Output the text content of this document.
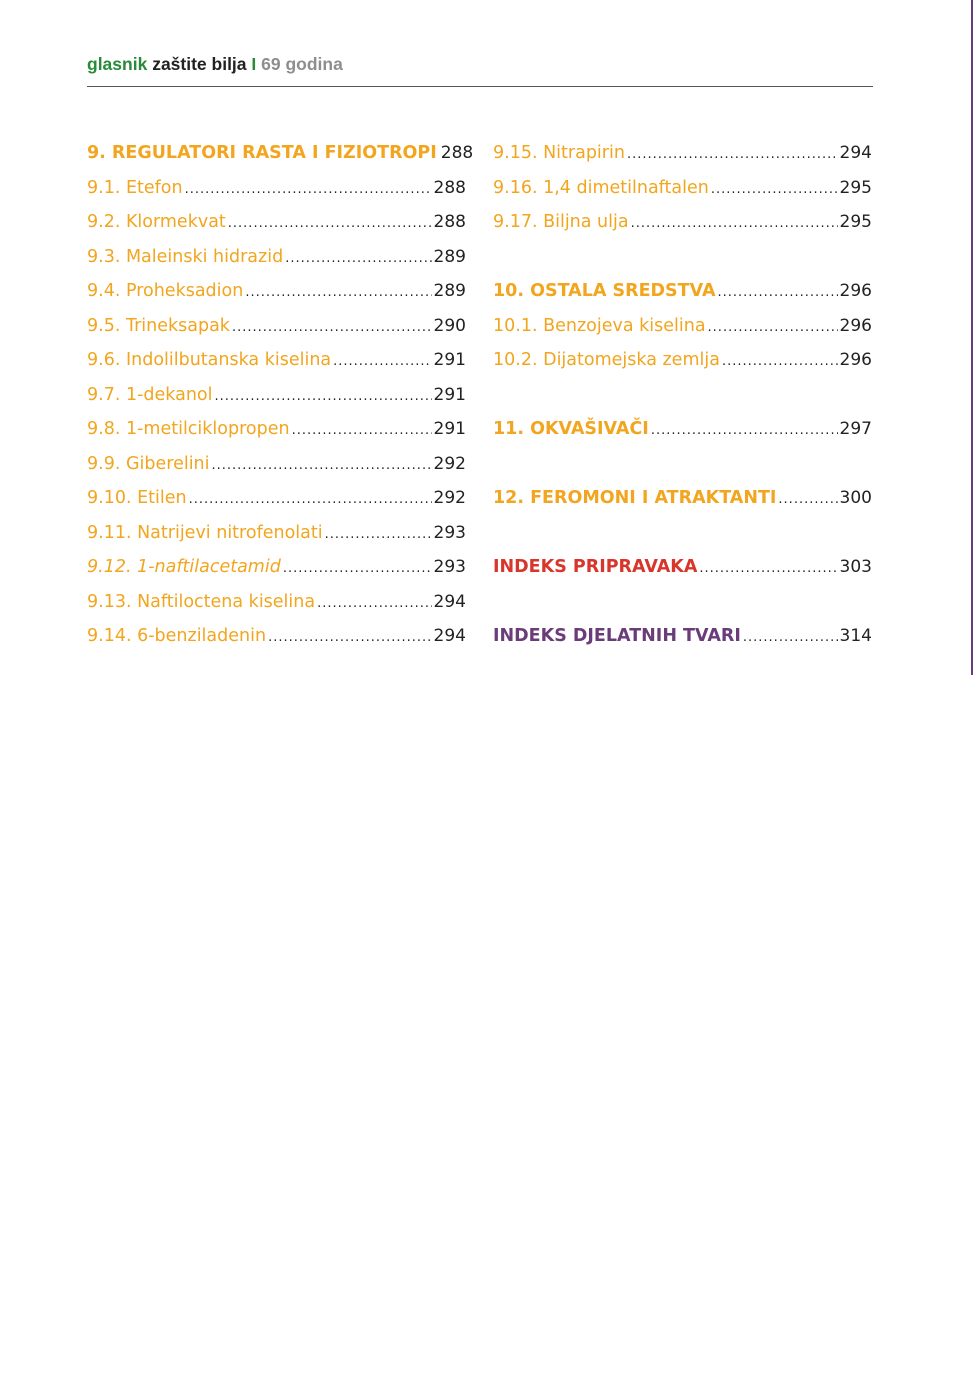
glasnik zaštite bilja I 69 godina
9. REGULATORI RASTA I FIZIOTROPI 288
9.1. Etefon .....	288
9.2. Klormekvat .....	288
9.3. Maleinski hidrazid .....	289
9.4. Proheksadion .....	289
9.5. Trineksapak .....	290
9.6. Indolilbutanska kiselina .....	291
9.7. 1-dekanol .....	291
9.8. 1-metilciklopropen .....	291
9.9. Giberelini .....	292
9.10. Etilen .....	292
9.11. Natrijevi nitrofenolati .....	293
9.12. 1-naftilacetamid .....	293
9.13. Naftiloctena kiselina .....	294
9.14. 6-benziladenin .....	294
9.15. Nitrapirin .....	294
9.16. 1,4 dimetilnaftalen .....	295
9.17. Biljna ulja .....	295
10. OSTALA SREDSTVA .....	296
10.1. Benzojeva kiselina .....	296
10.2. Dijatomejska zemlja .....	296
11. OKVAŠIVAČI .....	297
12. FEROMONI I ATRAKTANTI .....	300
INDEKS PRIPRAVAKA .....	303
INDEKS DJELATNIH TVARI .....	314
